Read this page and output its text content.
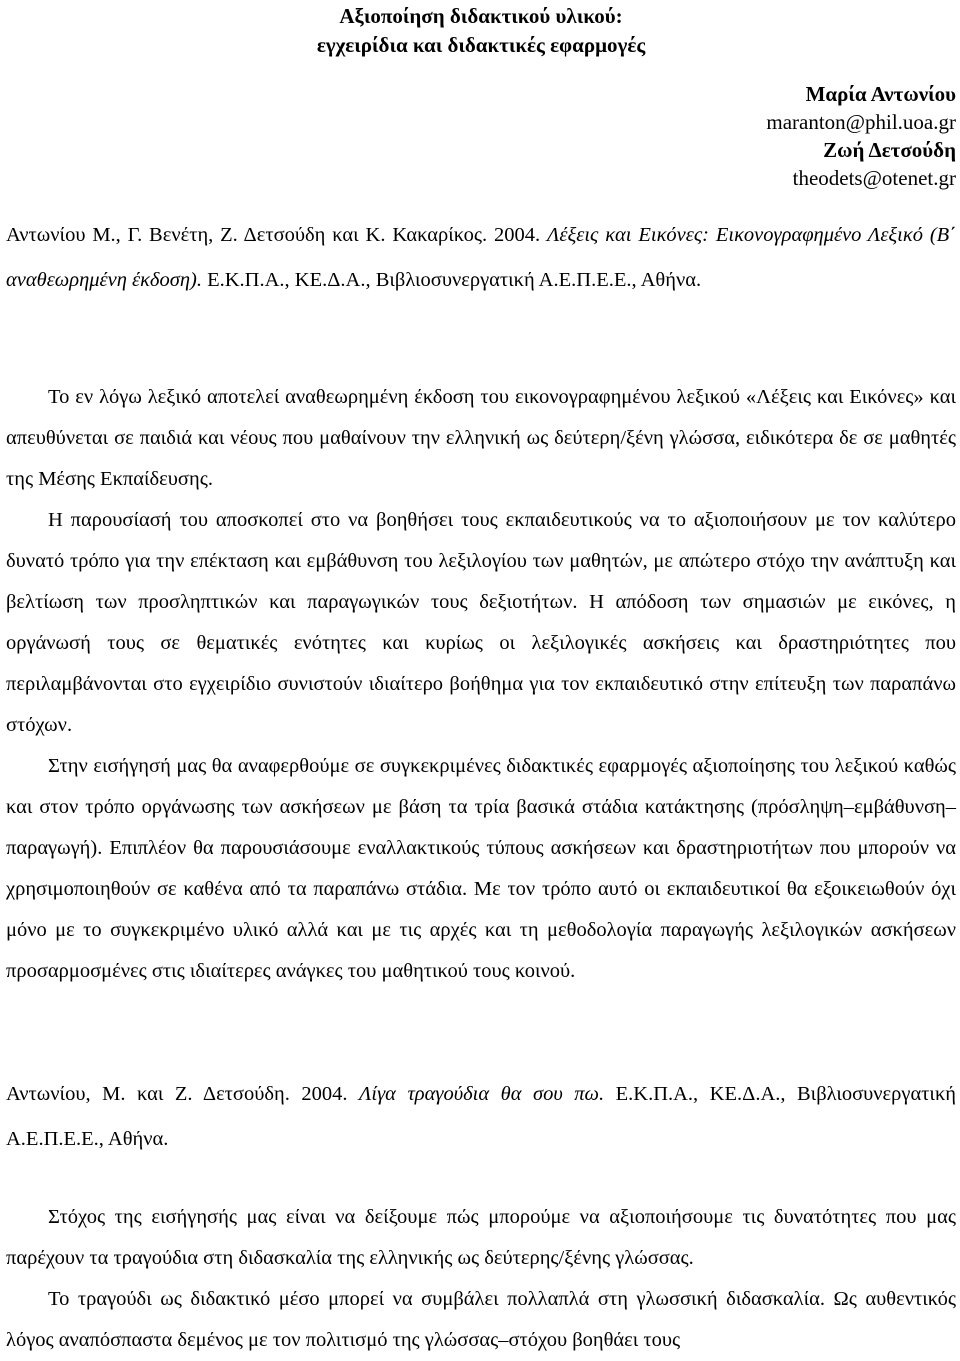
Αξιοποίηση διδακτικού υλικού:
εγχειρίδια και διδακτικές εφαρμογές
Μαρία Αντωνίου
maranton@phil.uoa.gr
Ζωή Δετσούδη
theodets@otenet.gr
Αντωνίου Μ., Γ. Βενέτη, Ζ. Δετσούδη και Κ. Κακαρίκος. 2004. Λέξεις και Εικόνες: Εικονογραφημένο Λεξικό (Β΄ αναθεωρημένη έκδοση). Ε.Κ.Π.Α., ΚΕ.Δ.Α., Βιβλιοσυνεργατική Α.Ε.Π.Ε.Ε., Αθήνα.
Το εν λόγω λεξικό αποτελεί αναθεωρημένη έκδοση του εικονογραφημένου λεξικού «Λέξεις και Εικόνες» και απευθύνεται σε παιδιά και νέους που μαθαίνουν την ελληνική ως δεύτερη/ξένη γλώσσα, ειδικότερα δε σε μαθητές της Μέσης Εκπαίδευσης.
Η παρουσίασή του αποσκοπεί στο να βοηθήσει τους εκπαιδευτικούς να το αξιοποιήσουν με τον καλύτερο δυνατό τρόπο για την επέκταση και εμβάθυνση του λεξιλογίου των μαθητών, με απώτερο στόχο την ανάπτυξη και βελτίωση των προσληπτικών και παραγωγικών τους δεξιοτήτων. Η απόδοση των σημασιών με εικόνες, η οργάνωσή τους σε θεματικές ενότητες και κυρίως οι λεξιλογικές ασκήσεις και δραστηριότητες που περιλαμβάνονται στο εγχειρίδιο συνιστούν ιδιαίτερο βοήθημα για τον εκπαιδευτικό στην επίτευξη των παραπάνω στόχων.
Στην εισήγησή μας θα αναφερθούμε σε συγκεκριμένες διδακτικές εφαρμογές αξιοποίησης του λεξικού καθώς και στον τρόπο οργάνωσης των ασκήσεων με βάση τα τρία βασικά στάδια κατάκτησης (πρόσληψη–εμβάθυνση–παραγωγή). Επιπλέον θα παρουσιάσουμε εναλλακτικούς τύπους ασκήσεων και δραστηριοτήτων που μπορούν να χρησιμοποιηθούν σε καθένα από τα παραπάνω στάδια. Με τον τρόπο αυτό οι εκπαιδευτικοί θα εξοικειωθούν όχι μόνο με το συγκεκριμένο υλικό αλλά και με τις αρχές και τη μεθοδολογία παραγωγής λεξιλογικών ασκήσεων προσαρμοσμένες στις ιδιαίτερες ανάγκες του μαθητικού τους κοινού.
Αντωνίου, Μ. και Ζ. Δετσούδη. 2004. Λίγα τραγούδια θα σου πω. Ε.Κ.Π.Α., ΚΕ.Δ.Α., Βιβλιοσυνεργατική Α.Ε.Π.Ε.Ε., Αθήνα.
Στόχος της εισήγησής μας είναι να δείξουμε πώς μπορούμε να αξιοποιήσουμε τις δυνατότητες που μας παρέχουν τα τραγούδια στη διδασκαλία της ελληνικής ως δεύτερης/ξένης γλώσσας.
Το τραγούδι ως διδακτικό μέσο μπορεί να συμβάλει πολλαπλά στη γλωσσική διδασκαλία. Ως αυθεντικός λόγος αναπόσπαστα δεμένος με τον πολιτισμό της γλώσσας–στόχου βοηθάει τους
